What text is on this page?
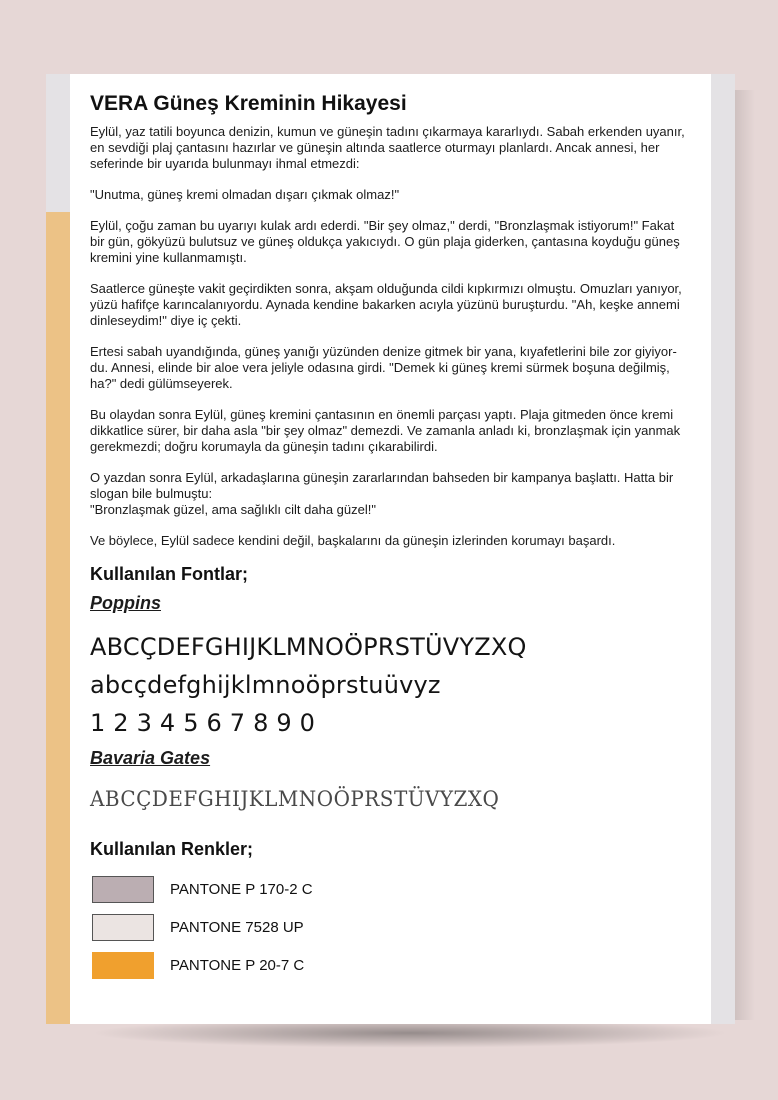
VERA Güneş Kreminin Hikayesi
Eylül, yaz tatili boyunca denizin, kumun ve güneşin tadını çıkarmaya kararlıydı. Sabah erkenden uyanır,
en sevdiği plaj çantasını hazırlar ve güneşin altında saatlerce oturmayı planlardı. Ancak annesi, her
seferinde bir uyarıda bulunmayı ihmal etmezdi:
"Unutma, güneş kremi olmadan dışarı çıkmak olmaz!"
Eylül, çoğu zaman bu uyarıyı kulak ardı ederdi. "Bir şey olmaz," derdi, "Bronzlaşmak istiyorum!" Fakat
bir gün, gökyüzü bulutsuz ve güneş oldukça yakıcıydı. O gün plaja giderken, çantasına koyduğu güneş
kremini yine kullanmamıştı.
Saatlerce güneşte vakit geçirdikten sonra, akşam olduğunda cildi kıpkırmızı olmuştu. Omuzları yanıyor,
yüzü hafifçe karıncalanıyordu. Aynada kendine bakarken acıyla yüzünü buruşturdu. "Ah, keşke annemi
dinleseydim!" diye iç çekti.
Ertesi sabah uyandığında, güneş yanığı yüzünden denize gitmek bir yana, kıyafetlerini bile zor giyiyor-
du. Annesi, elinde bir aloe vera jeliyle odasına girdi. "Demek ki güneş kremi sürmek boşuna değilmiş,
ha?" dedi gülümseyerek.
Bu olaydan sonra Eylül, güneş kremini çantasının en önemli parçası yaptı. Plaja gitmeden önce kremi
dikkatlice sürer, bir daha asla "bir şey olmaz" demezdi. Ve zamanla anladı ki, bronzlaşmak için yanmak
gerekmezdi; doğru korumayla da güneşin tadını çıkarabilirdi.
O yazdan sonra Eylül, arkadaşlarına güneşin zararlarından bahseden bir kampanya başlattı. Hatta bir
slogan bile bulmuştu:
"Bronzlaşmak güzel, ama sağlıklı cilt daha güzel!"
Ve böylece, Eylül sadece kendini değil, başkalarını da güneşin izlerinden korumayı başardı.
Kullanılan Fontlar;
Poppins
ABCÇDEFGHIJKLMNOÖPRSTÜVYZXQ
abcçdefghijklmnoöprstuüvyz
1 2 3 4 5 6 7 8 9 0
Bavaria Gates
ABCÇDEFGHIJKLMNOÖPRSTÜVYZXQ
Kullanılan Renkler;
PANTONE P 170-2 C
PANTONE 7528 UP
PANTONE P 20-7 C
